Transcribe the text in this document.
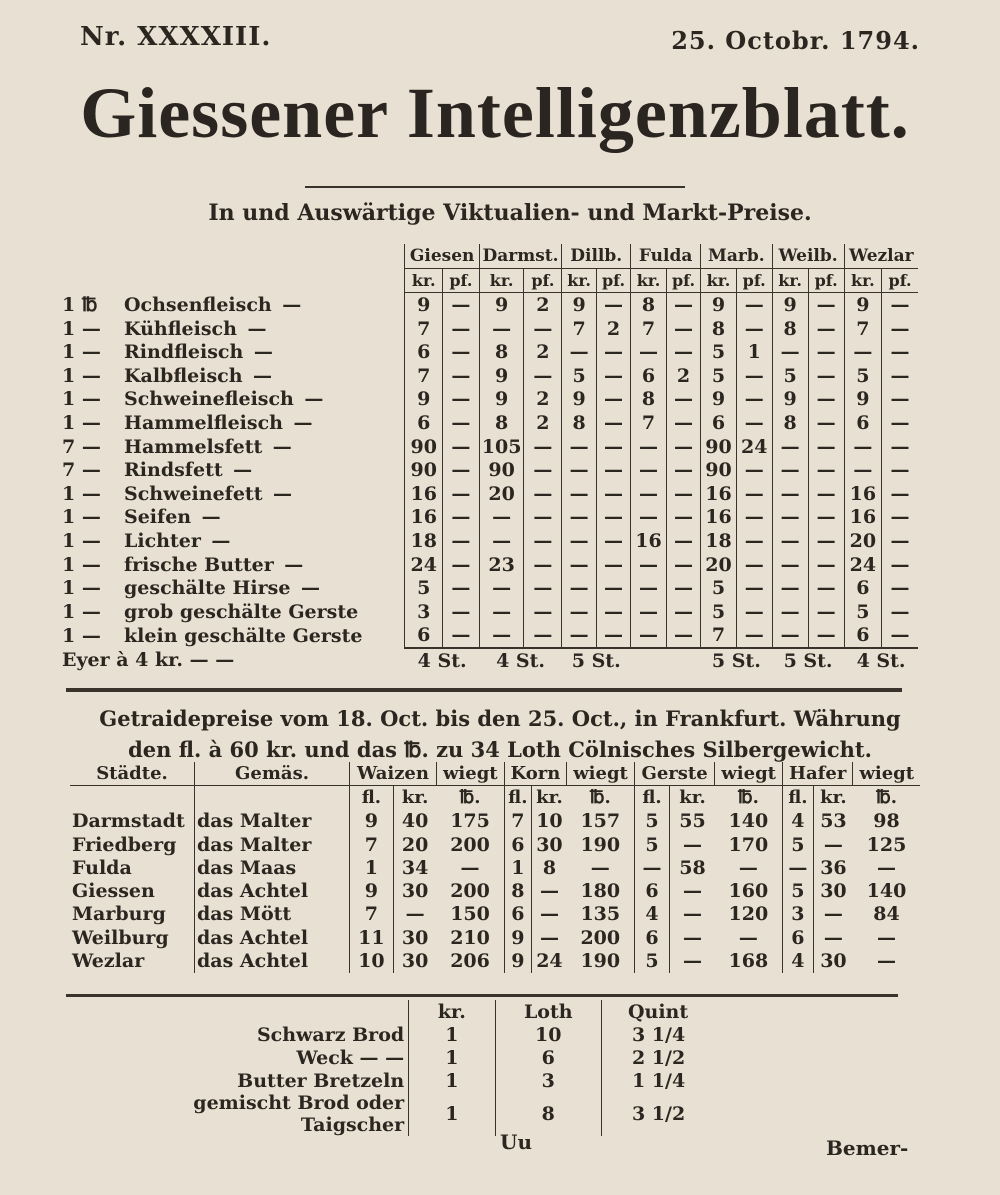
Nr. XXXXIII.	25. Octobr. 1794.
Giessener Intelligenzblatt.
In und Auswärtige Viktualien- und Markt-Preise.
	Giesen		Darmst.		Dillb.		Fulda		Marb.		Weilb.		Wezlar	
	kr.	pf.	kr.	pf.	kr.	pf.	kr.	pf.	kr.	pf.	kr.	pf.	kr.	pf.
1 ℔ Ochsenfleisch —	9	—	9	2	9	—	8	—	9	—	9	—	9	—
1 — Kühfleisch —	7	—	—	—	7	2	7	—	8	—	8	—	7	—
1 — Rindfleisch —	6	—	8	2	—	—	—	—	5	1	—	—	—	—
1 — Kalbfleisch —	7	—	9	—	5	—	6	2	5	—	5	—	5	—
1 — Schweinefleisch —	9	—	9	2	9	—	8	—	9	—	9	—	9	—
1 — Hammelfleisch —	6	—	8	2	8	—	7	—	6	—	8	—	6	—
7 — Hammelsfett —	90	—	105	—	—	—	—	—	90	24	—	—	—	—
7 — Rindsfett —	90	—	90	—	—	—	—	—	90	—	—	—	—	—
1 — Schweinefett —	16	—	20	—	—	—	—	—	16	—	—	—	16	—
1 — Seifen —	16	—	—	—	—	—	—	—	16	—	—	—	16	—
1 — Lichter —	18	—	—	—	—	—	16	—	18	—	—	—	20	—
1 — frische Butter —	24	—	23	—	—	—	—	—	20	—	—	—	24	—
1 — geschälte Hirse —	5	—	—	—	—	—	—	—	5	—	—	—	6	—
1 — grob geschälte Gerste	3	—	—	—	—	—	—	—	5	—	—	—	5	—
1 — klein geschälte Gerste	6	—	—	—	—	—	—	—	7	—	—	—	6	—
Eyer à 4 kr. — —	4 St.		4 St.		5 St.				5 St.		5 St.		4 St.	
Getraidepreise vom 18. Oct. bis den 25. Oct., in Frankfurt. Währung
den fl. à 60 kr. und das ℔. zu 34 Loth Cölnisches Silbergewicht.
Städte.	Gemäs.	Waizen		wiegt	Korn		wiegt	Gerste		wiegt	Hafer		wiegt
		fl.	kr.	℔.	fl.	kr.	℔.	fl.	kr.	℔.	fl.	kr.	℔.
Darmstadt	das Malter	9	40	175	7	10	157	5	55	140	4	53	98
Friedberg	das Malter	7	20	200	6	30	190	5	—	170	5	—	125
Fulda	das Maas	1	34	—	1	8	—	—	58	—	—	36	—
Giessen	das Achtel	9	30	200	8	—	180	6	—	160	5	30	140
Marburg	das Mött	7	—	150	6	—	135	4	—	120	3	—	84
Weilburg	das Achtel	11	30	210	9	—	200	6	—	—	6	—	—
Wezlar	das Achtel	10	30	206	9	24	190	5	—	168	4	30	—
	kr.	Loth	Quint
Schwarz Brod	1	10	3 1/4
Weck — —	1	6	2 1/2
Butter Bretzeln	1	3	1 1/4
gemischt Brod oder Taigscher	1	8	3 1/2
Uu	Bemer-
